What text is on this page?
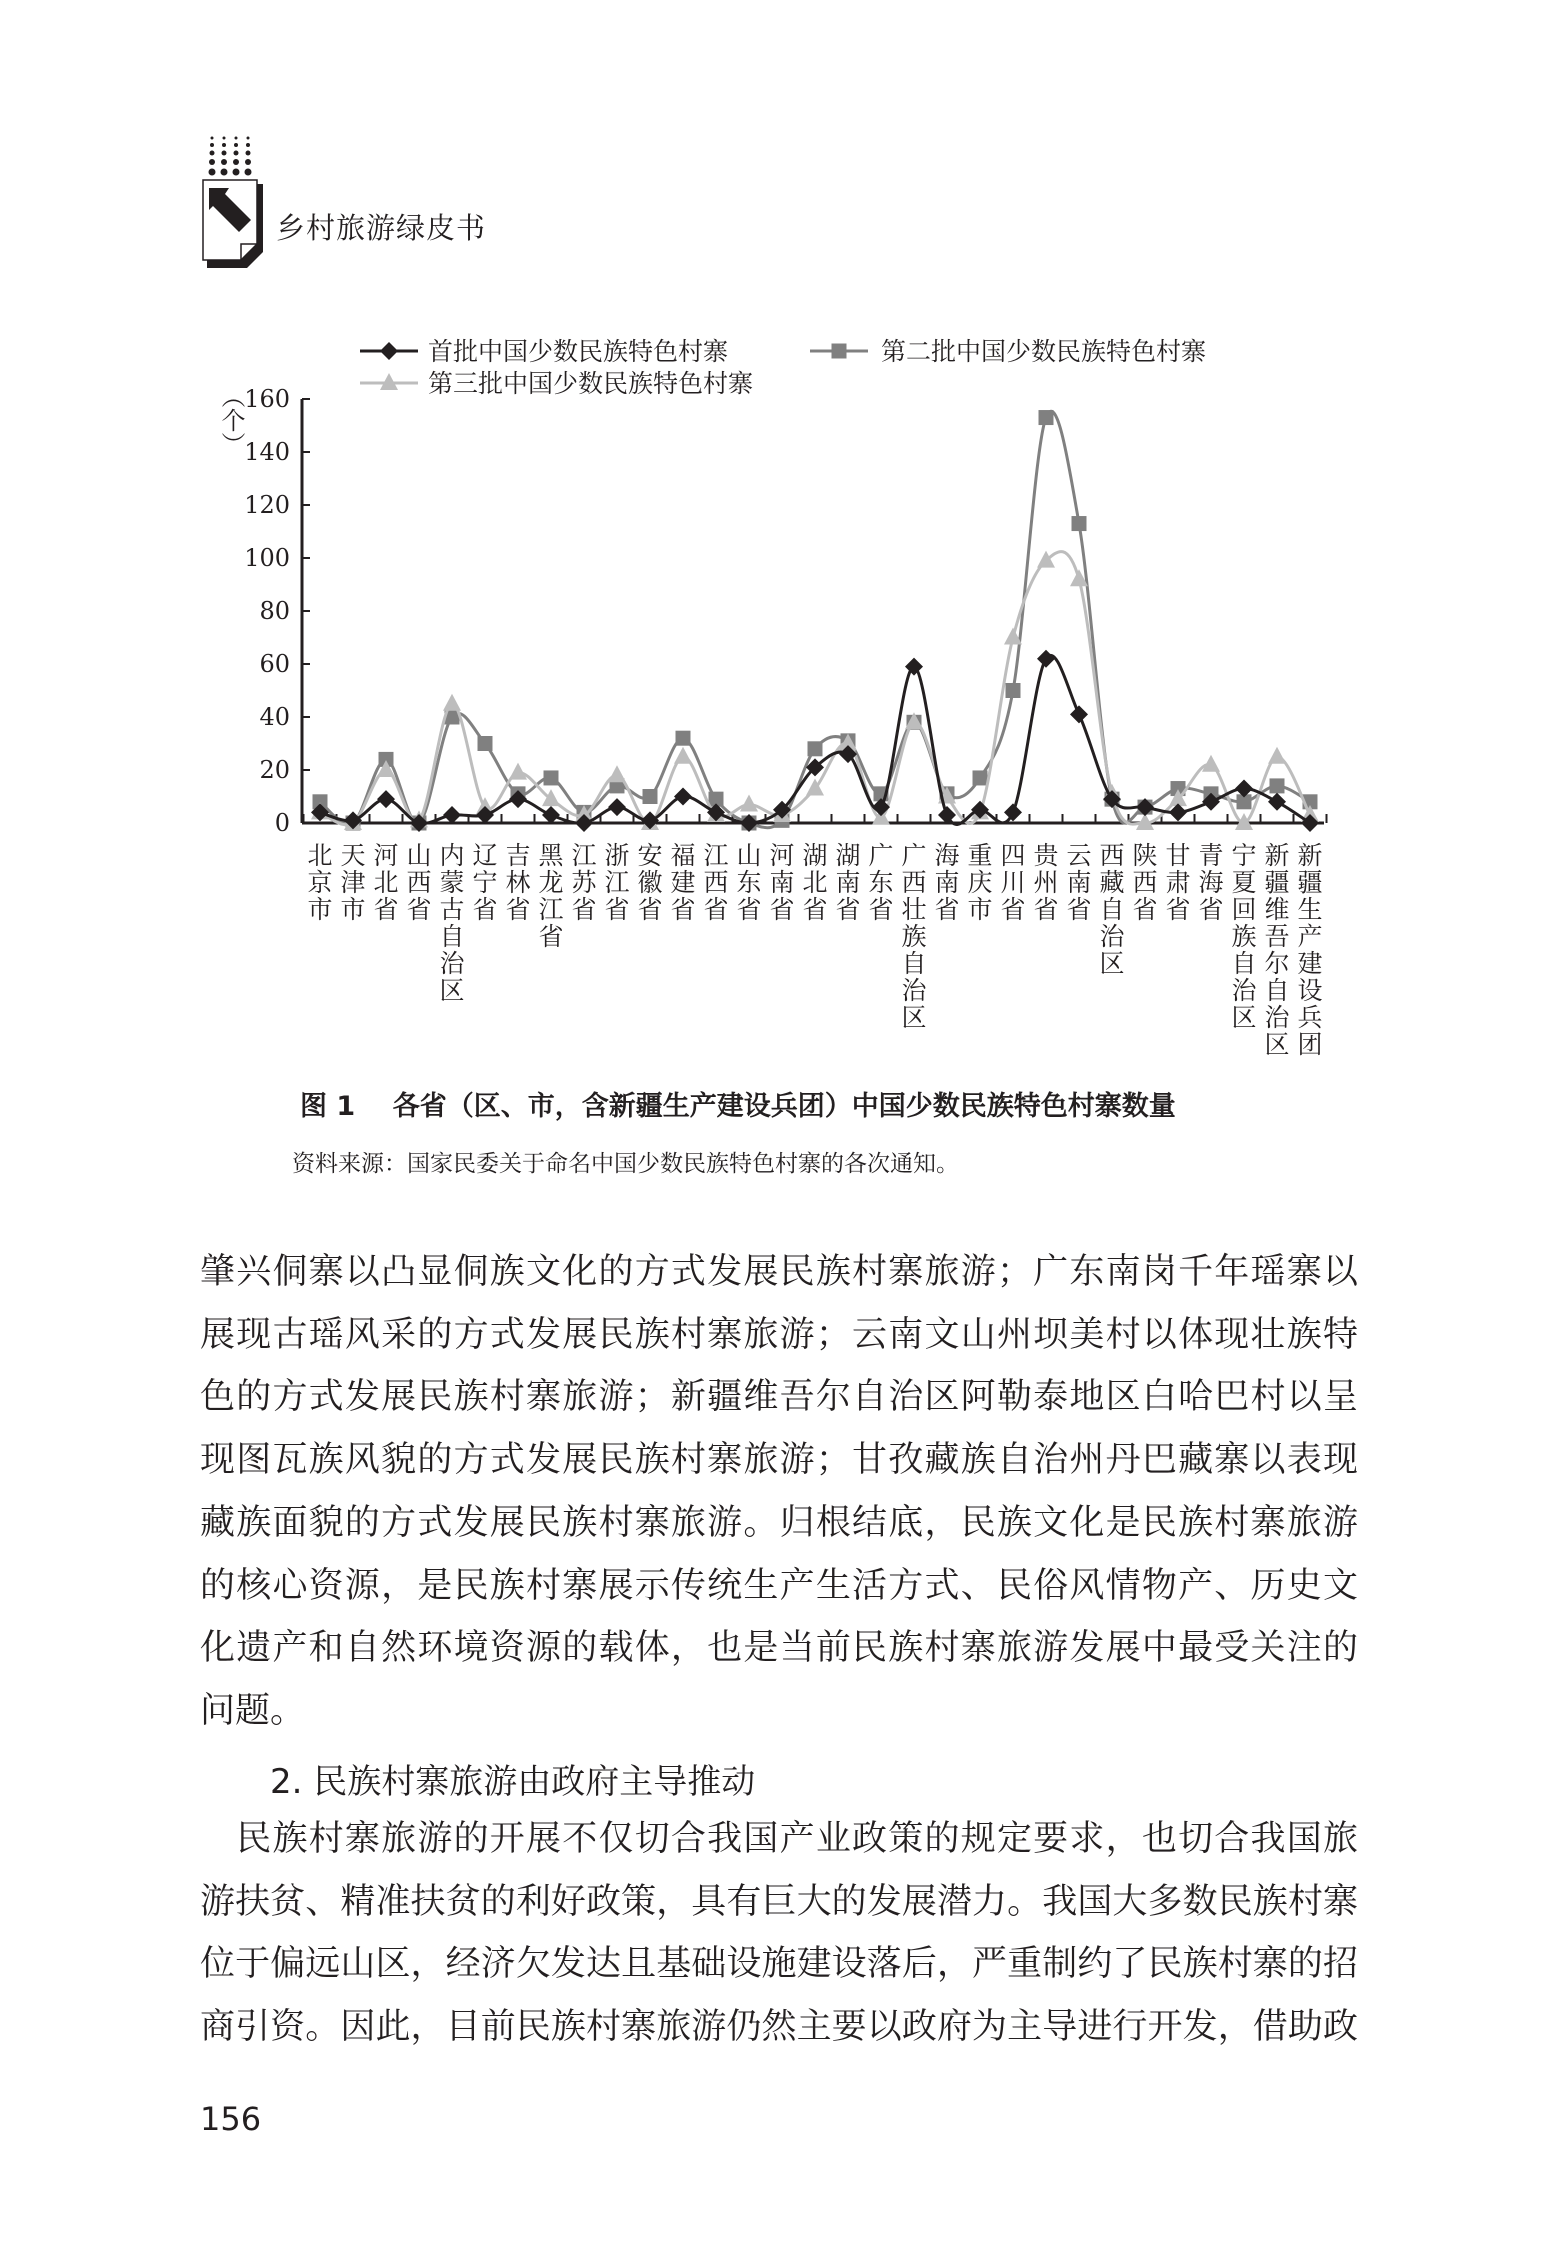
乡村旅游绿皮书
0
20
40
60
80
100
120
140
160
北京市
天津市
河北省
山西省
内蒙古自治区
辽宁省
吉林省
黑龙江省
江苏省
浙江省
安徽省
福建省
江西省
山东省
河南省
湖北省
湖南省
广东省
广西壮族自治区
海南省
重庆市
四川省
贵州省
云南省
西藏自治区
陕西省
甘肃省
青海省
宁夏回族自治区
新疆维吾尔自治区
新疆生产建设兵团
首批中国少数民族特色村寨	第二批中国少数民族特色村寨
第三批中国少数民族特色村寨
（个）
图 1    各省（区、市，含新疆生产建设兵团）中国少数民族特色村寨数量
资料来源：国家民委关于命名中国少数民族特色村寨的各次通知。
肇兴侗寨以凸显侗族文化的方式发展民族村寨旅游；广东南岗千年瑶寨以
展现古瑶风采的方式发展民族村寨旅游；云南文山州坝美村以体现壮族特
色的方式发展民族村寨旅游；新疆维吾尔自治区阿勒泰地区白哈巴村以呈
现图瓦族风貌的方式发展民族村寨旅游；甘孜藏族自治州丹巴藏寨以表现
藏族面貌的方式发展民族村寨旅游。归根结底，民族文化是民族村寨旅游
的核心资源，是民族村寨展示传统生产生活方式、民俗风情物产、历史文
化遗产和自然环境资源的载体，也是当前民族村寨旅游发展中最受关注的
问题。
2. 民族村寨旅游由政府主导推动
　民族村寨旅游的开展不仅切合我国产业政策的规定要求，也切合我国旅
游扶贫、精准扶贫的利好政策，具有巨大的发展潜力。我国大多数民族村寨
位于偏远山区，经济欠发达且基础设施建设落后，严重制约了民族村寨的招
商引资。因此，目前民族村寨旅游仍然主要以政府为主导进行开发，借助政
156
